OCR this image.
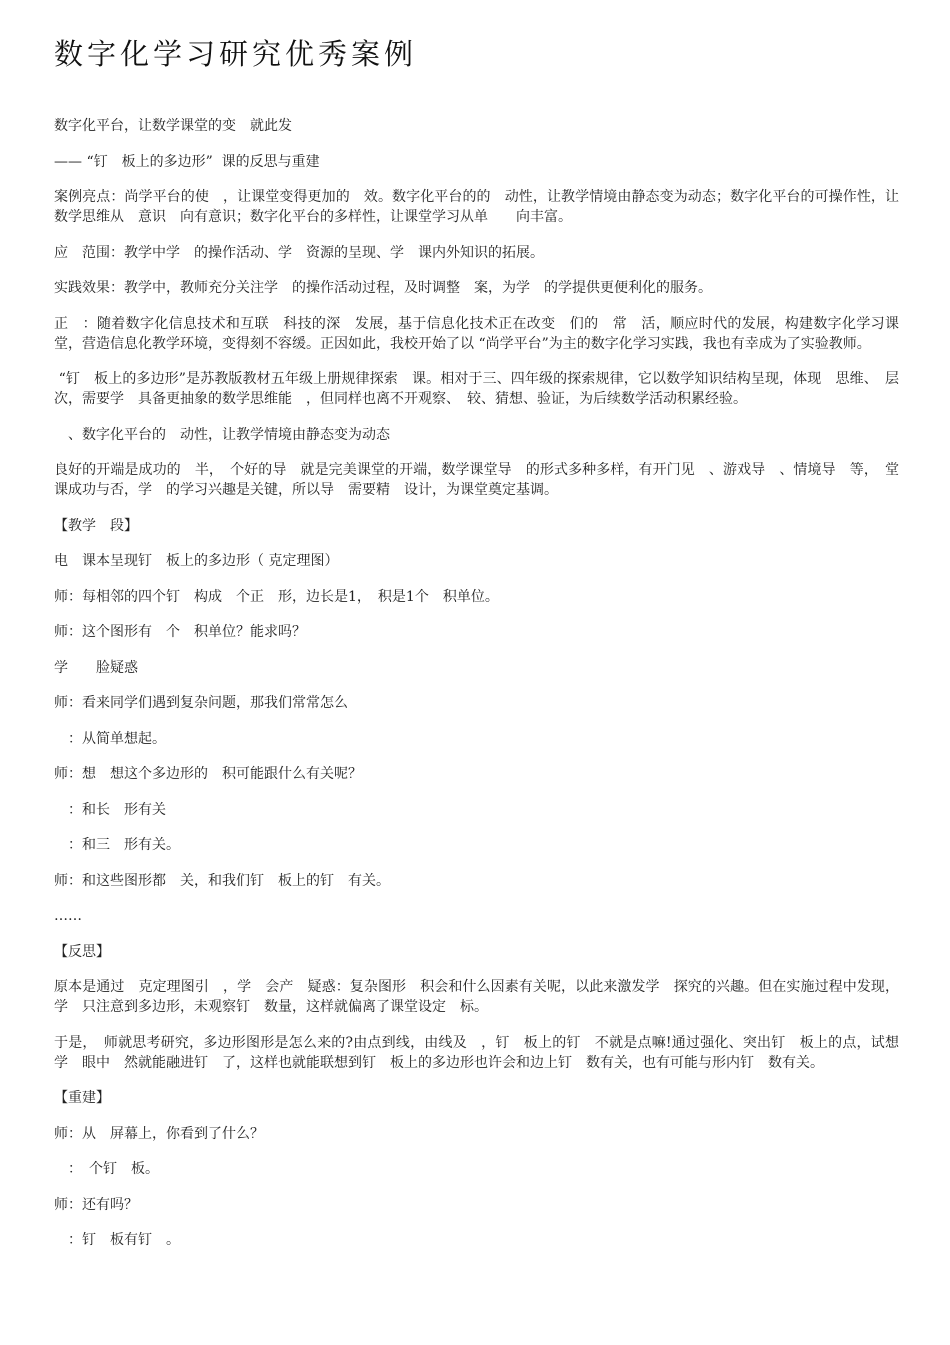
数字化学习研究优秀案例

数字化平台，让数学课堂的变　就此发

—— “钉　板上的多边形”  课的反思与重建

案例亮点：尚学平台的使　，让课堂变得更加的　效。数字化平台的的　动性，让教学情境由静态变为动态；数字化平台的可操作性，让数学思维从　意识　向有意识；数字化平台的多样性，让课堂学习从单　　向丰富。

应　范围：教学中学　的操作活动、学　资源的呈现、学　课内外知识的拓展。

实践效果：教学中，教师充分关注学　的操作活动过程，及时调整　案，为学　的学提供更便利化的服务。

正　：随着数字化信息技术和互联　科技的深　发展，基于信息化技术正在改变　们的　常　活，顺应时代的发展，构建数字化学习课堂，营造信息化教学环境，变得刻不容缓。正因如此，我校开始了以 “尚学平台”为主的数字化学习实践，我也有幸成为了实验教师。

“钉　板上的多边形”是苏教版教材五年级上册规律探索　课。相对于三、四年级的探索规律，它以数学知识结构呈现，体现　思维、　层次，需要学　具备更抽象的数学思维能　，但同样也离不开观察、　较、猜想、验证，为后续数学活动积累经验。

　、数字化平台的　动性，让教学情境由静态变为动态

良好的开端是成功的　半，　个好的导　就是完美课堂的开端，数学课堂导　的形式多种多样，有开门见　、游戏导　、情境导　等，　堂课成功与否，学　的学习兴趣是关键，所以导　需要精　设计，为课堂奠定基调。

【教学　段】

电　课本呈现钉　板上的多边形（ 克定理图）

师：每相邻的四个钉　构成　个正　形，边长是1，　积是1个　积单位。

师：这个图形有　个　积单位？能求吗？

学　　脸疑惑

师：看来同学们遇到复杂问题，那我们常常怎么

　：从简单想起。

师：想　想这个多边形的　积可能跟什么有关呢？

　：和长　形有关

　：和三　形有关。

师：和这些图形都　关，和我们钉　板上的钉　有关。

……

【反思】

原本是通过　克定理图引　，学　会产　疑惑：复杂图形　积会和什么因素有关呢，以此来激发学　探究的兴趣。但在实施过程中发现，学　只注意到多边形，未观察钉　数量，这样就偏离了课堂设定　标。

于是，　师就思考研究，多边形图形是怎么来的?由点到线，由线及　，钉　板上的钉　不就是点嘛!通过强化、突出钉　板上的点，试想学　眼中　然就能融进钉　了，这样也就能联想到钉　板上的多边形也许会和边上钉　数有关，也有可能与形内钉　数有关。

【重建】

师：从　屏幕上，你看到了什么？

　：　个钉　板。

师：还有吗？

　：钉　板有钉　。
